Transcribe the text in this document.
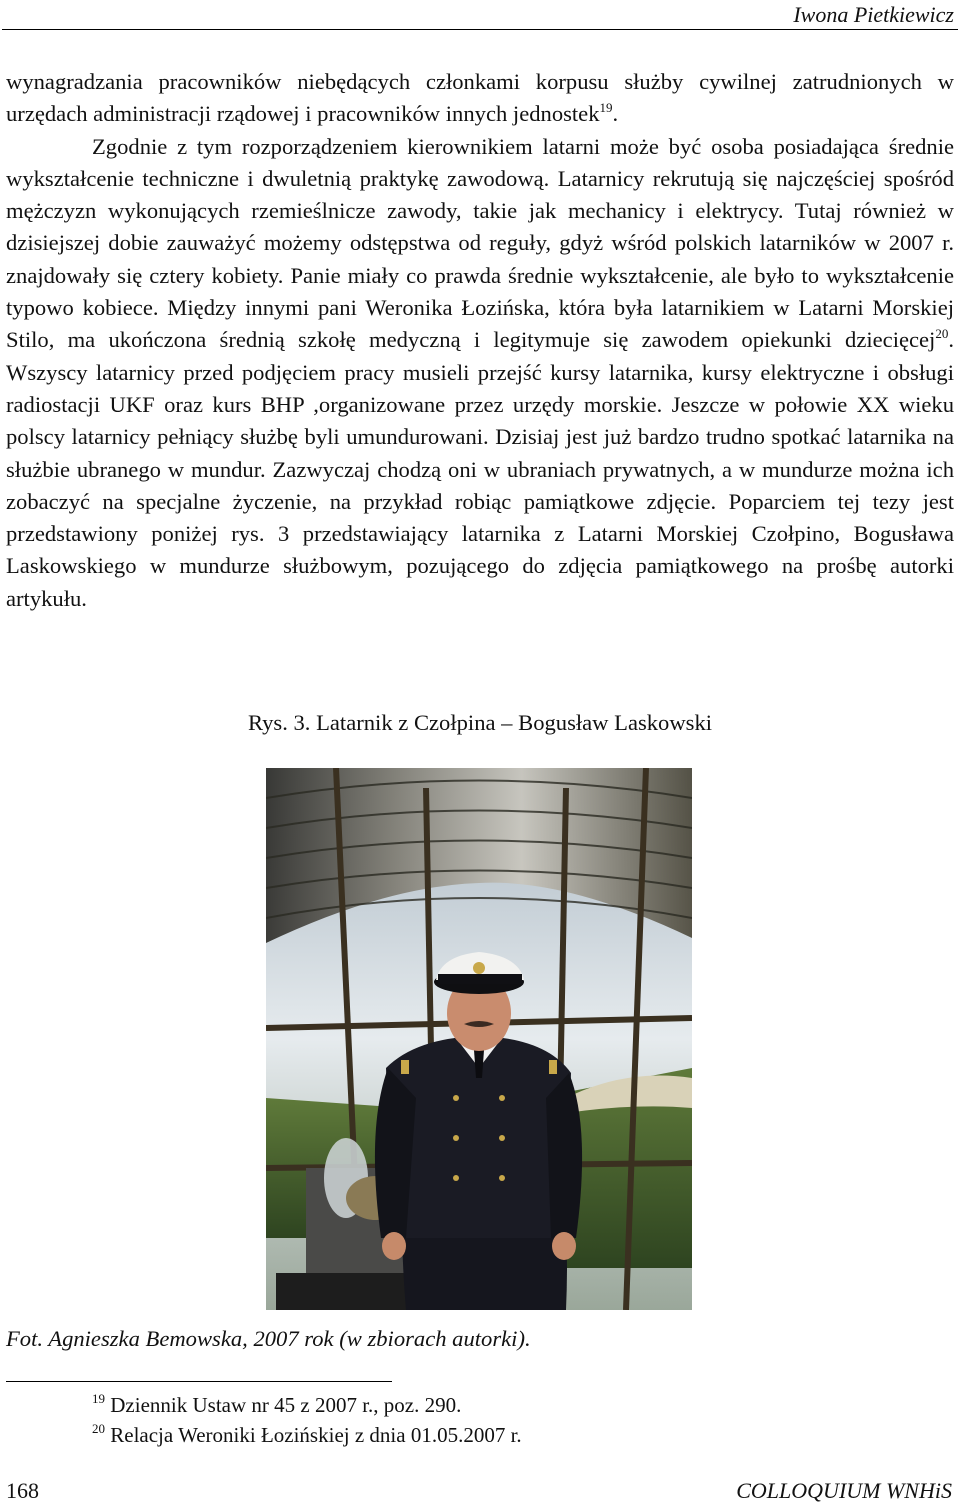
Iwona Pietkiewicz

wynagradzania pracowników niebędących członkami korpusu służby cywilnej zatrudnionych w urzędach administracji rządowej i pracowników innych jednostek$^{19}$.

Zgodnie z tym rozporządzeniem kierownikiem latarni może być osoba posiadająca średnie wykształcenie techniczne i dwuletnią praktykę zawodową. Latarnicy rekrutują się najczęściej spośród mężczyzn wykonujących rzemieślnicze zawody, takie jak mechanicy i elektrycy. Tutaj również w dzisiejszej dobie zauważyć możemy odstępstwa od reguły, gdyż wśród polskich latarników w 2007 r. znajdowały się cztery kobiety. Panie miały co prawda średnie wykształcenie, ale było to wykształcenie typowo kobiece. Między innymi pani Weronika Łozińska, która była latarnikiem w Latarni Morskiej Stilo, ma ukończona średnią szkołę medyczną i legitymuje się zawodem opiekunki dziecięcej$^{20}$. Wszyscy latarnicy przed podjęciem pracy musieli przejść kursy latarnika, kursy elektryczne i obsługi radiostacji UKF oraz kurs BHP ,organizowane przez urzędy morskie. Jeszcze w połowie XX wieku polscy latarnicy pełniący służbę byli umundurowani. Dzisiaj jest już bardzo trudno spotkać latarnika na służbie ubranego w mundur. Zazwyczaj chodzą oni w ubraniach prywatnych, a w mundurze można ich zobaczyć na specjalne życzenie, na przykład robiąc pamiątkowe zdjęcie. Poparciem tej tezy jest przedstawiony poniżej rys. 3 przedstawiający latarnika z Latarni Morskiej Czołpino, Bogusława Laskowskiego w mundurze służbowym, pozującego do zdjęcia pamiątkowego na prośbę autorki artykułu.

Rys. 3. Latarnik z Czołpina – Bogusław Laskowski
Fot. Agnieszka Bemowska, 2007 rok (w zbiorach autorki).
$^{19}$ Dziennik Ustaw nr 45 z 2007 r., poz. 290.
$^{20}$ Relacja Weroniki Łozińskiej z dnia 01.05.2007 r.
168	COLLOQUIUM WNHiS
